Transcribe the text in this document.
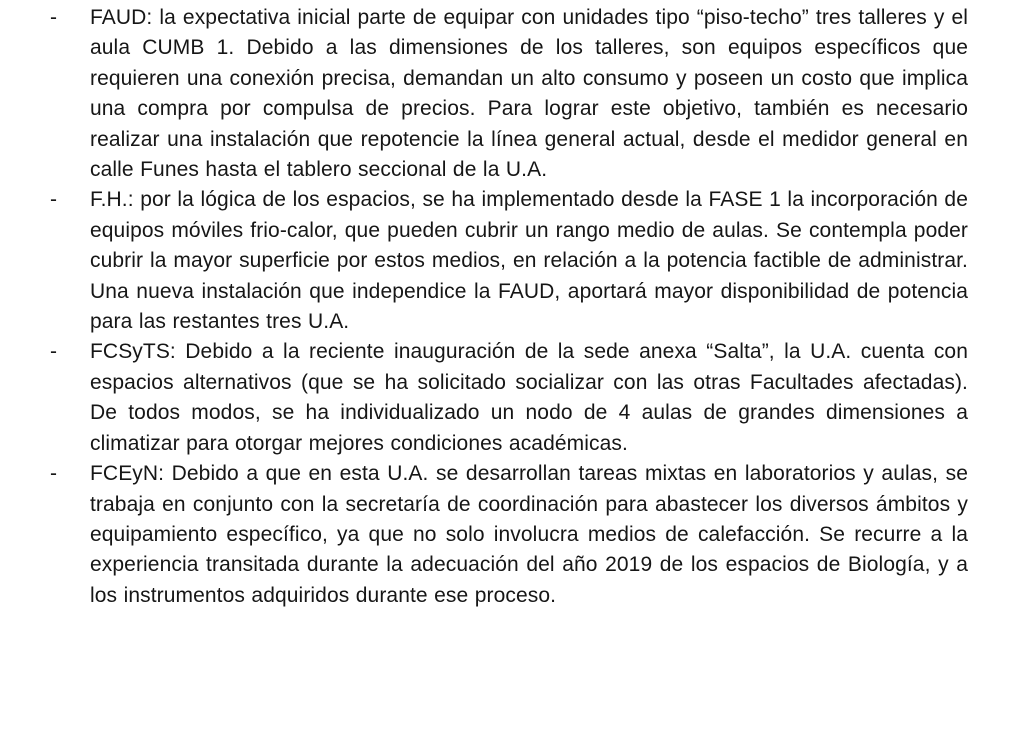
-	FAUD: la expectativa inicial parte de equipar con unidades tipo “piso-techo” tres talleres y el aula CUMB 1. Debido a las dimensiones de los talleres, son equipos específicos que requieren una conexión precisa, demandan un alto consumo y poseen un costo que implica una compra por compulsa de precios. Para lograr este objetivo, también es necesario realizar una instalación que repotencie la línea general actual, desde el medidor general en calle Funes hasta el tablero seccional de la U.A.

-	F.H.: por la lógica de los espacios, se ha implementado desde la FASE 1 la incorporación de equipos móviles frio-calor, que pueden cubrir un rango medio de aulas. Se contempla poder cubrir la mayor superficie por estos medios, en relación a la potencia factible de administrar. Una nueva instalación que independice la FAUD, aportará mayor disponibilidad de potencia para las restantes tres U.A.

-	FCSyTS: Debido a la reciente inauguración de la sede anexa “Salta”, la U.A. cuenta con espacios alternativos (que se ha solicitado socializar con las otras Facultades afectadas). De todos modos, se ha individualizado un nodo de 4 aulas de grandes dimensiones a climatizar para otorgar mejores condiciones académicas.

-	FCEyN: Debido a que en esta U.A. se desarrollan tareas mixtas en laboratorios y aulas, se trabaja en conjunto con la secretaría de coordinación para abastecer los diversos ámbitos y equipamiento específico, ya que no solo involucra medios de calefacción. Se recurre a la experiencia transitada durante la adecuación del año 2019 de los espacios de Biología, y a los instrumentos adquiridos durante ese proceso.
